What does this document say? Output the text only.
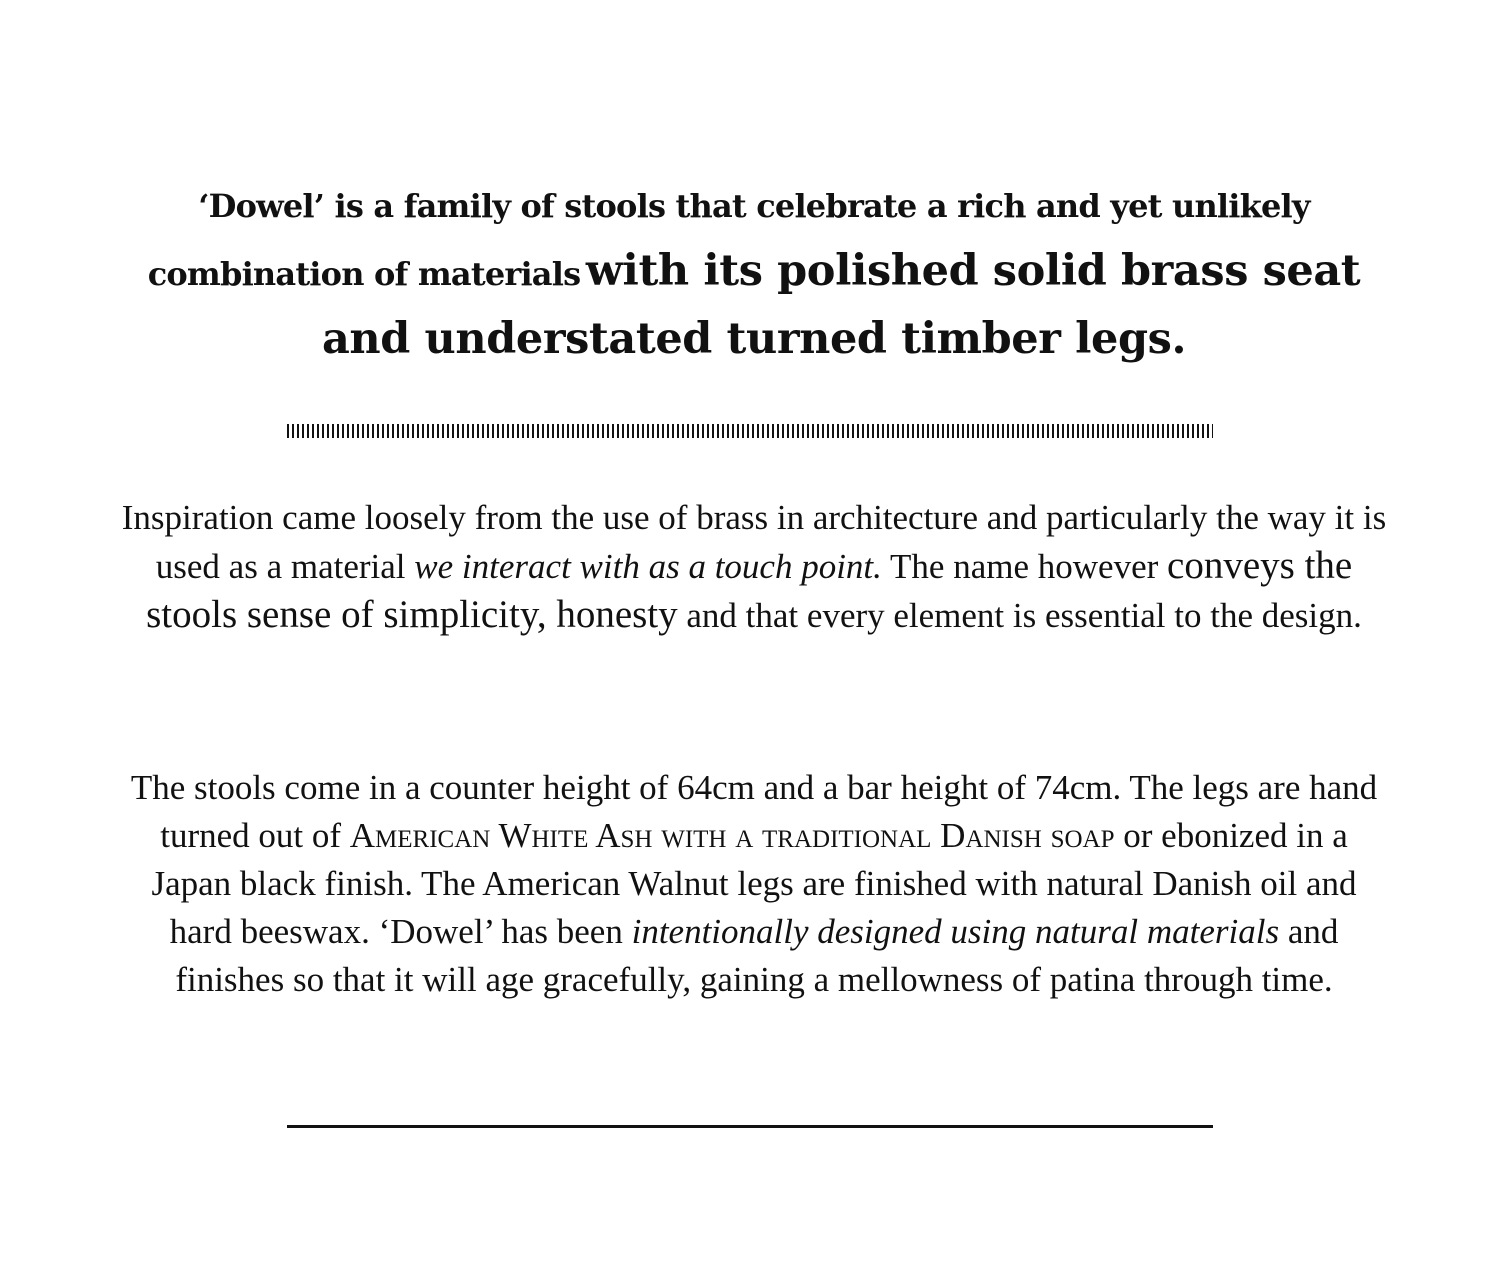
‘Dowel’ is a family of stools that celebrate a rich and yet unlikely combination of materials with its polished solid brass seat and understated turned timber legs.

Inspiration came loosely from the use of brass in architecture and particularly the way it is used as a material we interact with as a touch point. The name however conveys the stools sense of simplicity, honesty and that every element is essential to the design.

The stools come in a counter height of 64cm and a bar height of 74cm. The legs are hand turned out of American White Ash with a traditional Danish soap or ebonized in a Japan black finish. The American Walnut legs are finished with natural Danish oil and hard beeswax. ‘Dowel’ has been intentionally designed using natural materials and finishes so that it will age gracefully, gaining a mellowness of patina through time.
